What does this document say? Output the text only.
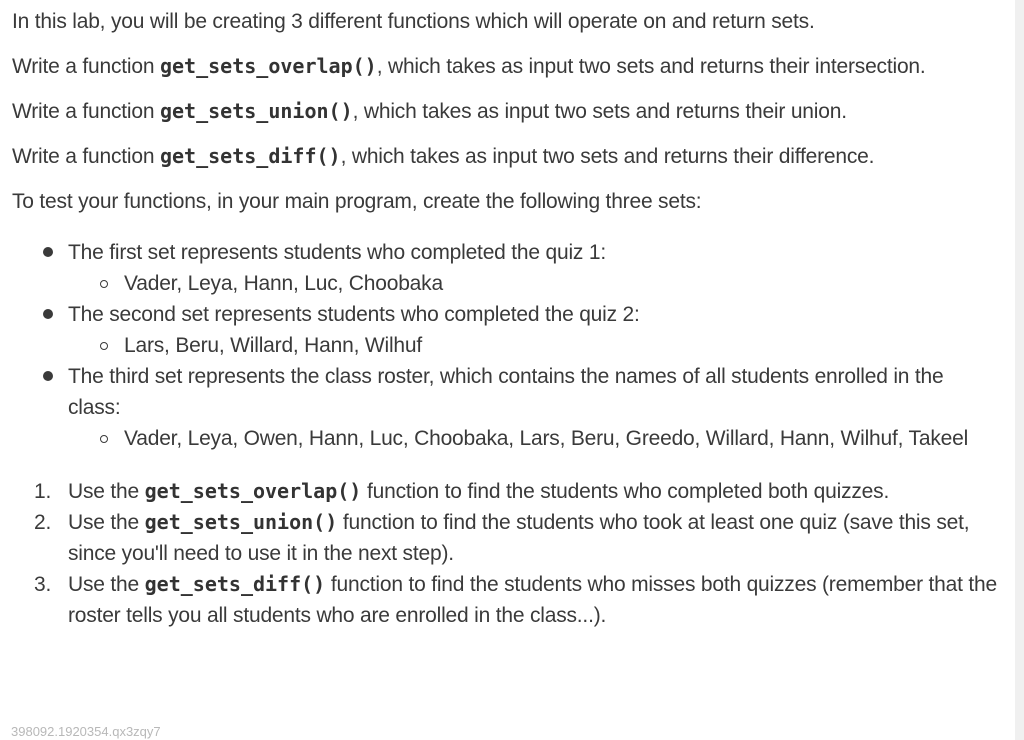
In this lab, you will be creating 3 different functions which will operate on and return sets.

Write a function get_sets_overlap(), which takes as input two sets and returns their intersection.

Write a function get_sets_union(), which takes as input two sets and returns their union.

Write a function get_sets_diff(), which takes as input two sets and returns their difference.

To test your functions, in your main program, create the following three sets:

The first set represents students who completed the quiz 1:
Vader, Leya, Hann, Luc, Choobaka
The second set represents students who completed the quiz 2:
Lars, Beru, Willard, Hann, Wilhuf
The third set represents the class roster, which contains the names of all students enrolled in the class:
Vader, Leya, Owen, Hann, Luc, Choobaka, Lars, Beru, Greedo, Willard, Hann, Wilhuf, Takeel
1. Use the get_sets_overlap() function to find the students who completed both quizzes.
2. Use the get_sets_union() function to find the students who took at least one quiz (save this set, since you'll need to use it in the next step).
3. Use the get_sets_diff() function to find the students who misses both quizzes (remember that the roster tells you all students who are enrolled in the class...).
398092.1920354.qx3zqy7
